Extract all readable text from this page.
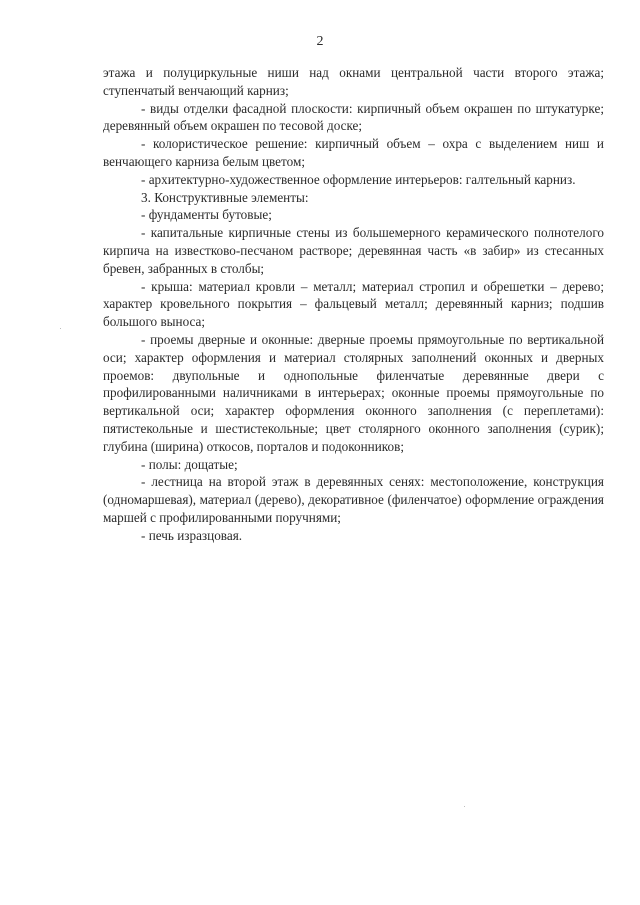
2

этажа и полуциркульные ниши над окнами центральной части второго этажа; ступенчатый венчающий карниз;

- виды отделки фасадной плоскости: кирпичный объем окрашен по штукатурке; деревянный объем окрашен по тесовой доске;

- колористическое решение: кирпичный объем – охра с выделением ниш и венчающего карниза белым цветом;

- архитектурно-художественное оформление интерьеров: галтельный карниз.

3. Конструктивные элементы:

- фундаменты бутовые;

- капитальные кирпичные стены из большемерного керамического полнотелого кирпича на известково-песчаном растворе; деревянная часть «в забир» из стесанных бревен, забранных в столбы;

- крыша: материал кровли – металл; материал стропил и обрешетки – дерево; характер кровельного покрытия – фальцевый металл; деревянный карниз; подшив большого выноса;

- проемы дверные и оконные: дверные проемы прямоугольные по вертикальной оси; характер оформления и материал столярных заполнений оконных и дверных проемов: двупольные и однопольные филенчатые деревянные двери с профилированными наличниками в интерьерах; оконные проемы прямоугольные по вертикальной оси; характер оформления оконного заполнения (с переплетами): пятистекольные и шестистекольные; цвет столярного оконного заполнения (сурик); глубина (ширина) откосов, порталов и подоконников;

- полы: дощатые;

- лестница на второй этаж в деревянных сенях: местоположение, конструкция (одномаршевая), материал (дерево), декоративное (филенчатое) оформление ограждения маршей с профилированными поручнями;

- печь изразцовая.
